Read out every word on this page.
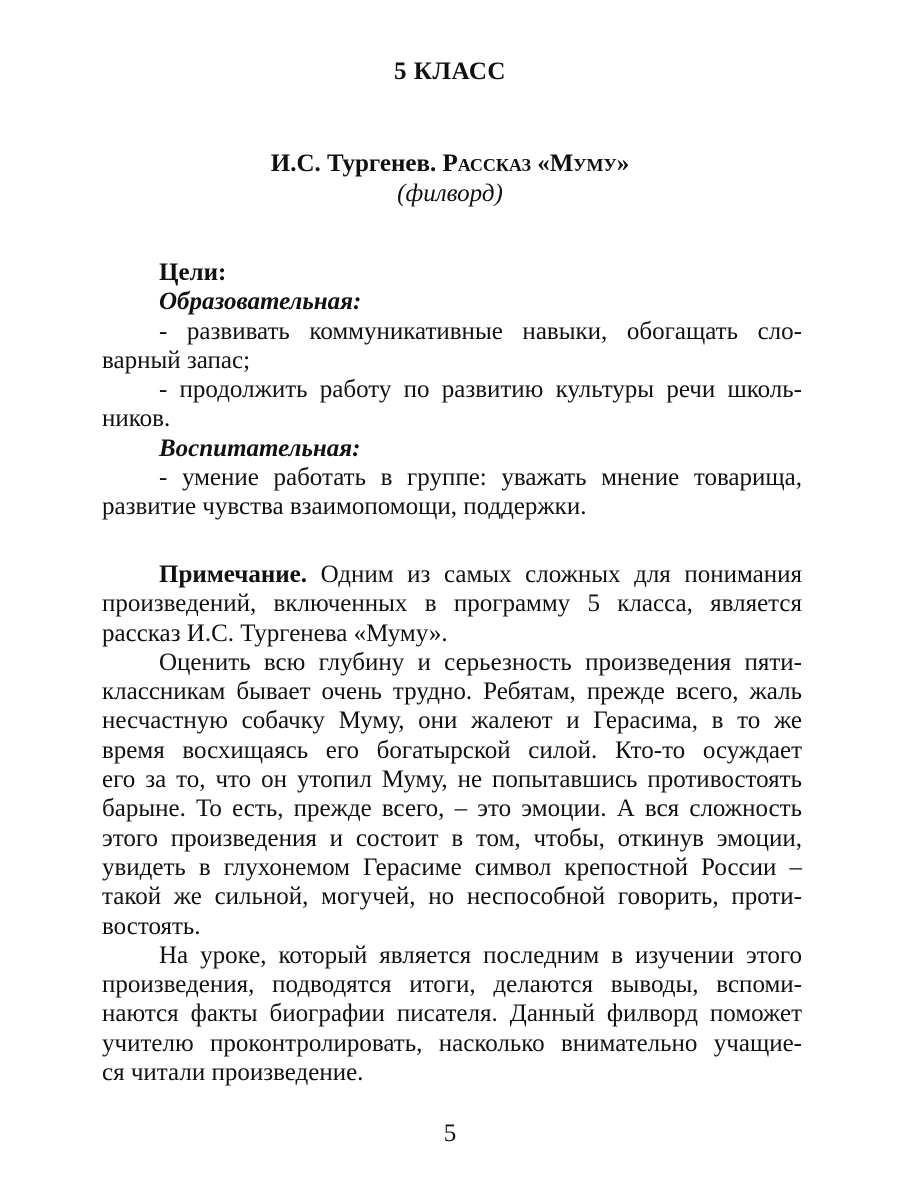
5 КЛАСС
И.С. Тургенев. Рассказ «Муму»
(филворд)
Цели:
Образовательная:
- развивать коммуникативные навыки, обогащать сло-
варный запас;
- продолжить работу по развитию культуры речи школь-
ников.
Воспитательная:
- умение работать в группе: уважать мнение товарища,
развитие чувства взаимопомощи, поддержки.
Примечание. Одним из самых сложных для понимания
произведений, включенных в программу 5 класса, является
рассказ И.С. Тургенева «Муму».
Оценить всю глубину и серьезность произведения пяти-
классникам бывает очень трудно. Ребятам, прежде всего, жаль
несчастную собачку Муму, они жалеют и Герасима, в то же
время восхищаясь его богатырской силой. Кто-то осуждает
его за то, что он утопил Муму, не попытавшись противостоять
барыне. То есть, прежде всего, – это эмоции. А вся сложность
этого произведения и состоит в том, чтобы, откинув эмоции,
увидеть в глухонемом Герасиме символ крепостной России –
такой же сильной, могучей, но неспособной говорить, проти-
востоять.
На уроке, который является последним в изучении этого
произведения, подводятся итоги, делаются выводы, вспоми-
наются факты биографии писателя. Данный филворд поможет
учителю проконтролировать, насколько внимательно учащие-
ся читали произведение.
5
